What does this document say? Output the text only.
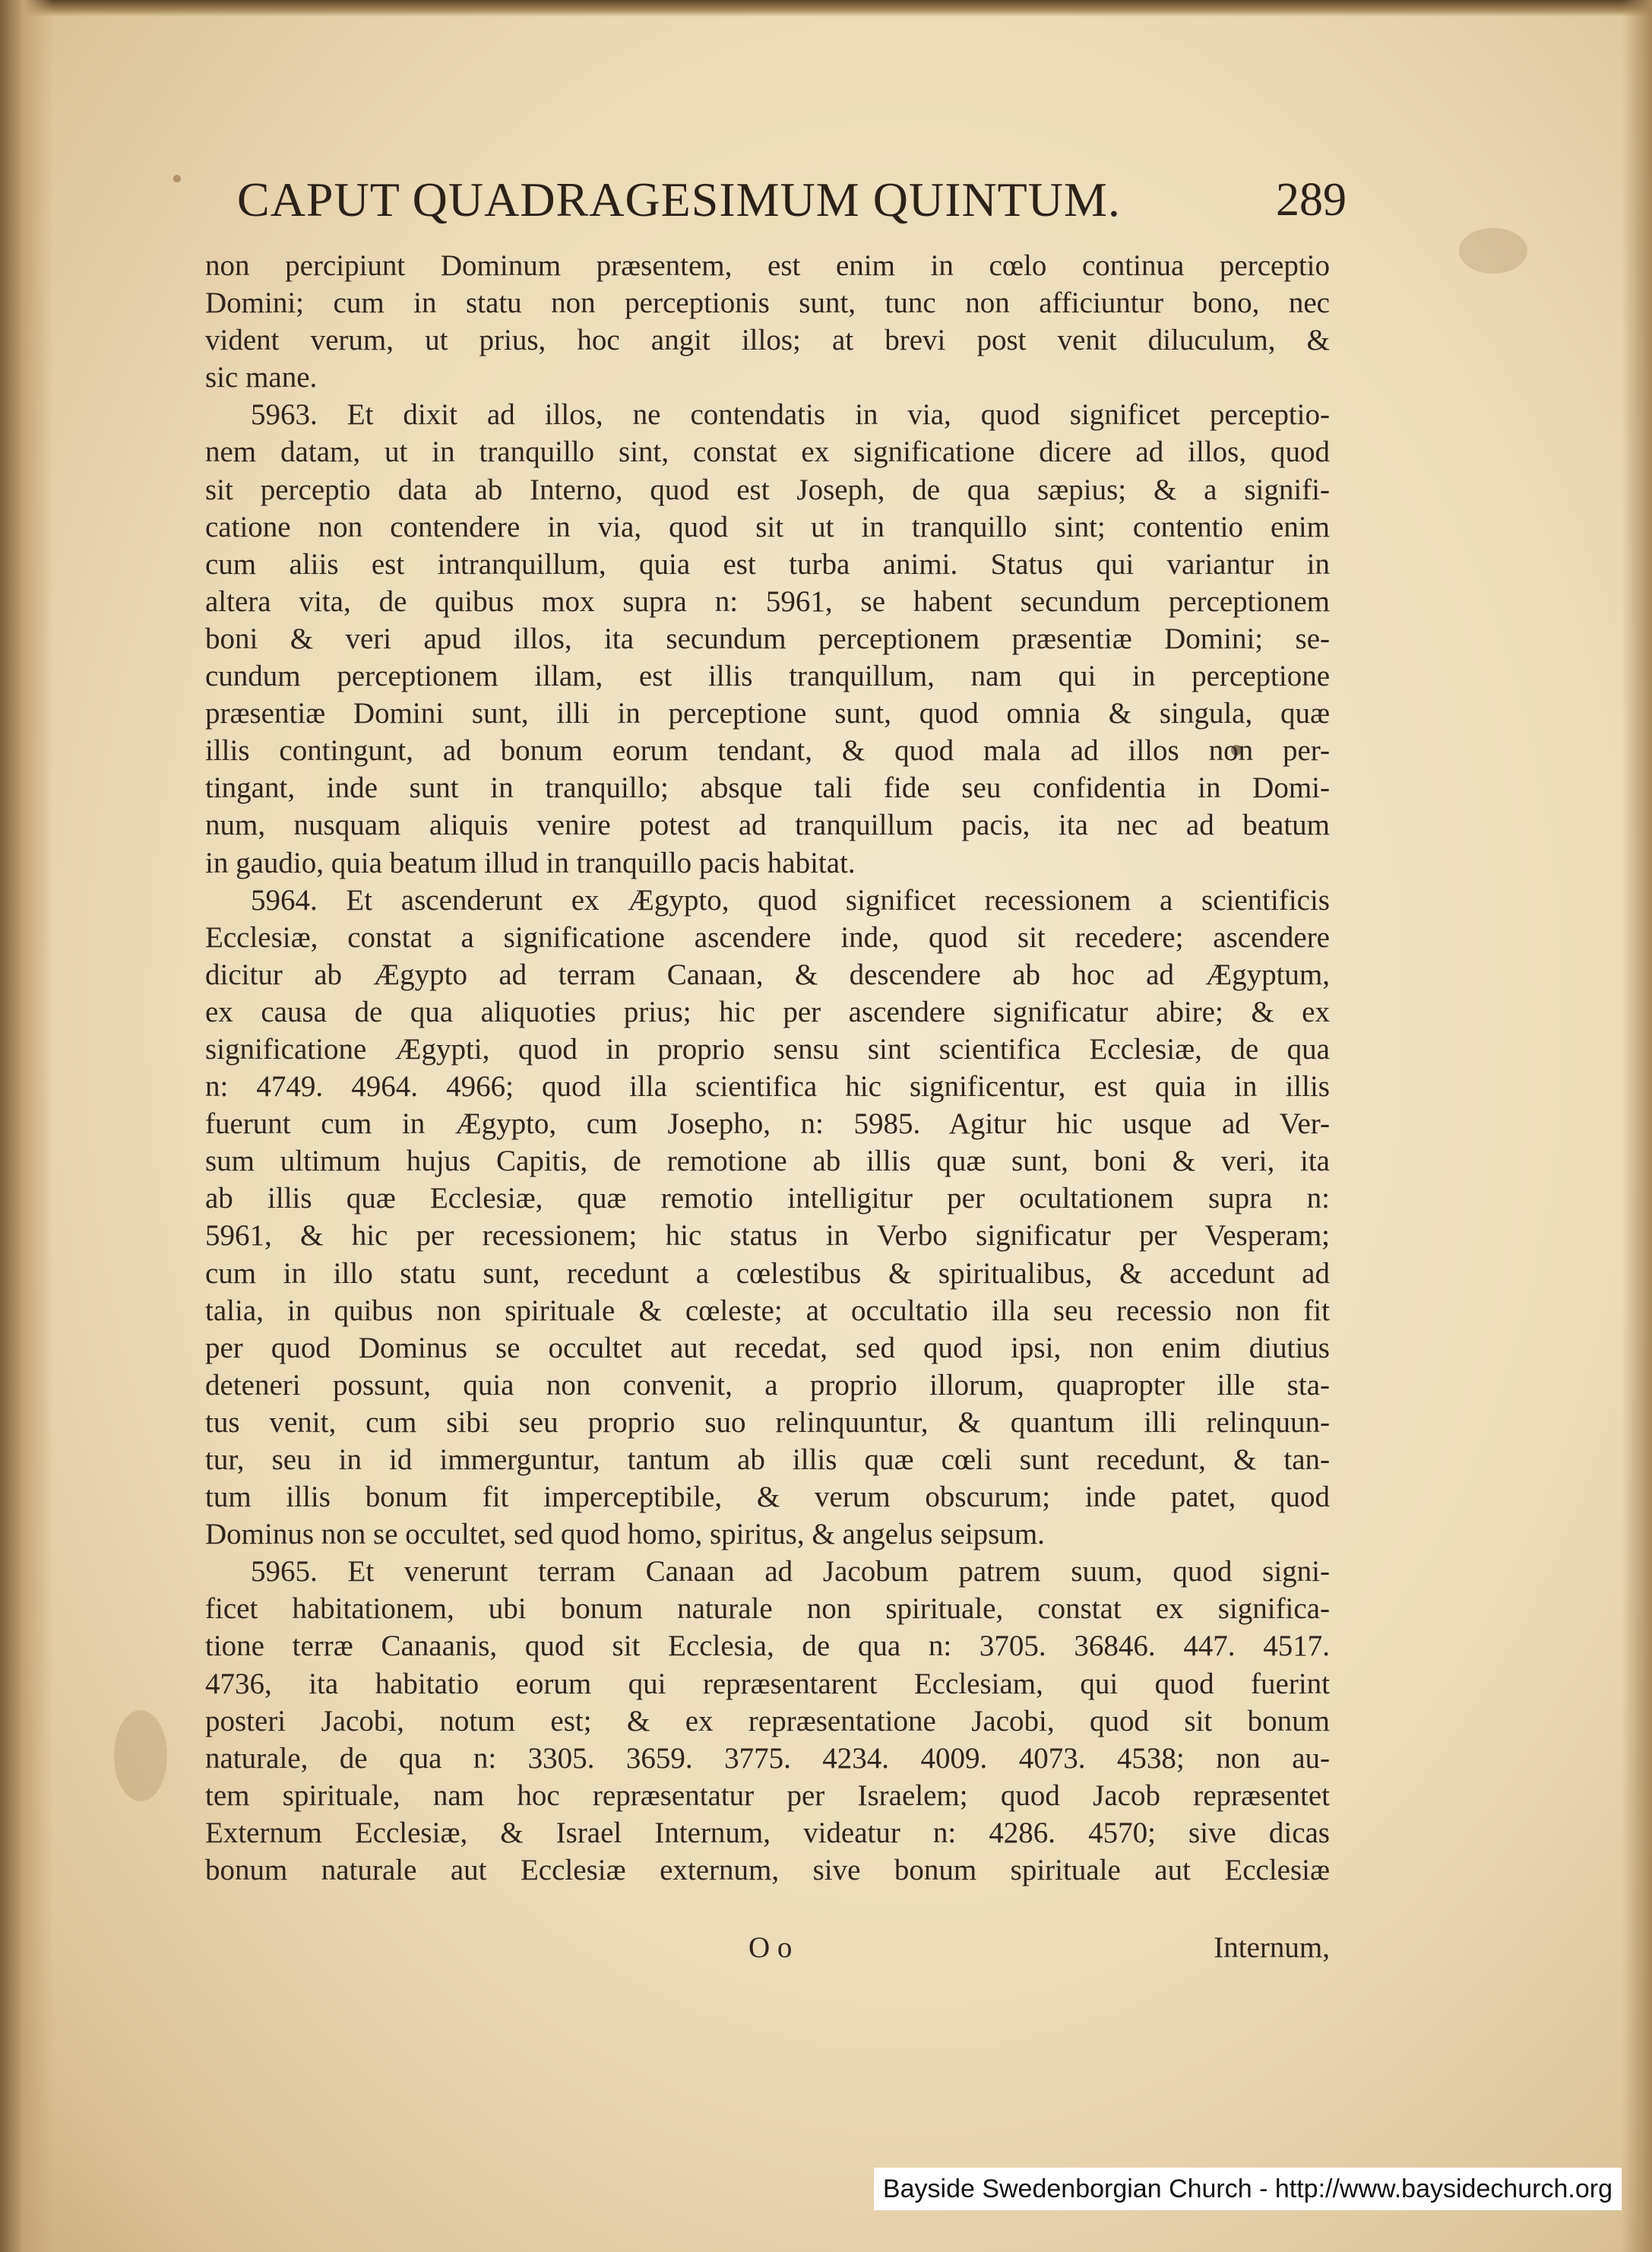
CAPUT QUADRAGESIMUM QUINTUM.	289
non percipiunt Dominum præsentem, est enim in cœlo continua perceptio
Domini; cum in statu non perceptionis sunt, tunc non afficiuntur bono, nec
vident verum, ut prius, hoc angit illos; at brevi post venit diluculum, &
sic mane.
5963. Et dixit ad illos, ne contendatis in via, quod significet perceptio-
nem datam, ut in tranquillo sint, constat ex significatione dicere ad illos, quod
sit perceptio data ab Interno, quod est Joseph, de qua sæpius; & a signifi-
catione non contendere in via, quod sit ut in tranquillo sint; contentio enim
cum aliis est intranquillum, quia est turba animi. Status qui variantur in
altera vita, de quibus mox supra n: 5961, se habent secundum perceptionem
boni & veri apud illos, ita secundum perceptionem præsentiæ Domini; se-
cundum perceptionem illam, est illis tranquillum, nam qui in perceptione
præsentiæ Domini sunt, illi in perceptione sunt, quod omnia & singula, quæ
illis contingunt, ad bonum eorum tendant, & quod mala ad illos non per-
tingant, inde sunt in tranquillo; absque tali fide seu confidentia in Domi-
num, nusquam aliquis venire potest ad tranquillum pacis, ita nec ad beatum
in gaudio, quia beatum illud in tranquillo pacis habitat.
5964. Et ascenderunt ex Ægypto, quod significet recessionem a scientificis
Ecclesiæ, constat a significatione ascendere inde, quod sit recedere; ascendere
dicitur ab Ægypto ad terram Canaan, & descendere ab hoc ad Ægyptum,
ex causa de qua aliquoties prius; hic per ascendere significatur abire; & ex
significatione Ægypti, quod in proprio sensu sint scientifica Ecclesiæ, de qua
n: 4749. 4964. 4966; quod illa scientifica hic significentur, est quia in illis
fuerunt cum in Ægypto, cum Josepho, n: 5985. Agitur hic usque ad Ver-
sum ultimum hujus Capitis, de remotione ab illis quæ sunt, boni & veri, ita
ab illis quæ Ecclesiæ, quæ remotio intelligitur per ocultationem supra n:
5961, & hic per recessionem; hic status in Verbo significatur per Vesperam;
cum in illo statu sunt, recedunt a cœlestibus & spiritualibus, & accedunt ad
talia, in quibus non spirituale & cœleste; at occultatio illa seu recessio non fit
per quod Dominus se occultet aut recedat, sed quod ipsi, non enim diutius
deteneri possunt, quia non convenit, a proprio illorum, quapropter ille sta-
tus venit, cum sibi seu proprio suo relinquuntur, & quantum illi relinquun-
tur, seu in id immerguntur, tantum ab illis quæ cœli sunt recedunt, & tan-
tum illis bonum fit imperceptibile, & verum obscurum; inde patet, quod
Dominus non se occultet, sed quod homo, spiritus, & angelus seipsum.
5965. Et venerunt terram Canaan ad Jacobum patrem suum, quod signi-
ficet habitationem, ubi bonum naturale non spirituale, constat ex significa-
tione terræ Canaanis, quod sit Ecclesia, de qua n: 3705. 36846. 447. 4517.
4736, ita habitatio eorum qui repræsentarent Ecclesiam, qui quod fuerint
posteri Jacobi, notum est; & ex repræsentatione Jacobi, quod sit bonum
naturale, de qua n: 3305. 3659. 3775. 4234. 4009. 4073. 4538; non au-
tem spirituale, nam hoc repræsentatur per Israelem; quod Jacob repræsentet
Externum Ecclesiæ, & Israel Internum, videatur n: 4286. 4570; sive dicas
bonum naturale aut Ecclesiæ externum, sive bonum spirituale aut Ecclesiæ
O o	Internum,
Bayside Swedenborgian Church - http://www.baysidechurch.org
